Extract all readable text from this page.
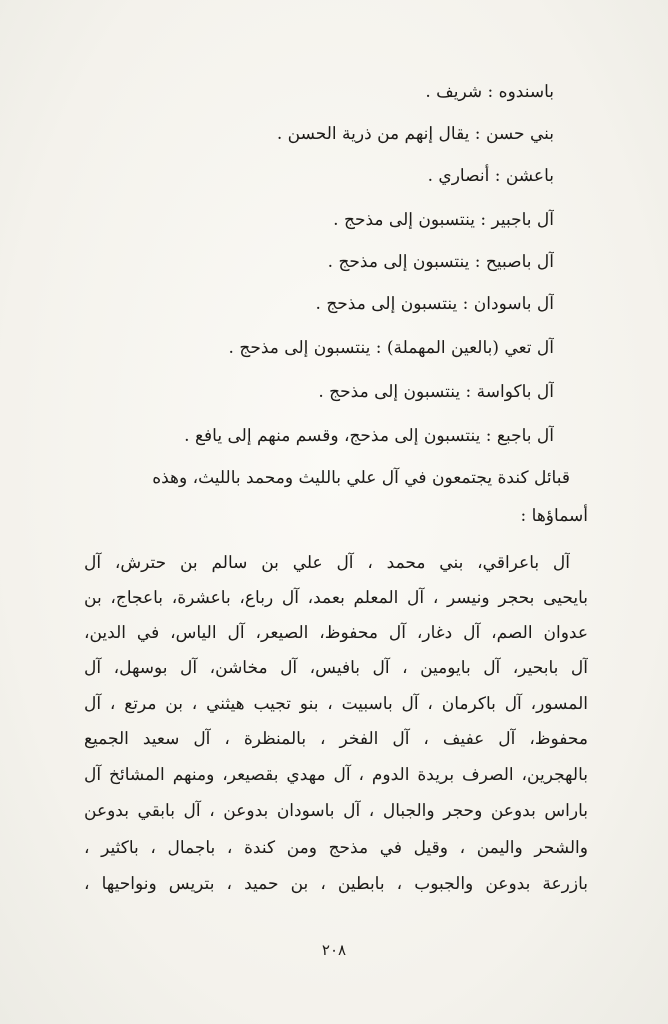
باسندوه : شريف .
بني حسن : يقال إنهم من ذرية الحسن .
باعشن : أنصاري .
آل باجبير : ينتسبون إلى مذحج .
آل باصبيح : ينتسبون إلى مذحج .
آل باسودان : ينتسبون إلى مذحج .
آل تعي (بالعين المهملة) : ينتسبون إلى مذحج .
آل باكواسة : ينتسبون إلى مذحج .
آل باجبع : ينتسبون إلى مذحج، وقسم منهم إلى يافع .
قبائل كندة يجتمعون في آل علي بالليث ومحمد بالليث، وهذه
أسماؤها :
آل باعراقي، بني محمد ، آل علي بن سالم بن حترش، آل
بايحيى بحجر ونيسر ، آل المعلم بعمد، آل رباع، باعشرة، باعجاج، بن
عدوان الصم، آل دغار، آل محفوظ، الصيعر، آل الياس، في الدين،
آل بابحير، آل بايومين ، آل بافيس، آل مخاشن، آل بوسهل، آل
المسور، آل باكرمان ، آل باسبيت ، بنو تجيب هيثني ، بن مرتع ، آل
محفوظ، آل عفيف ، آل الفخر ، بالمنظرة ، آل سعيد الجميع
بالهجرين، الصرف بريدة الدوم ، آل مهدي بقصيعر، ومنهم المشائخ آل
باراس بدوعن وحجر والجبال ، آل باسودان بدوعن ، آل بابقي بدوعن
والشحر واليمن ، وقيل في مذحج ومن كندة ، باجمال ، باكثير ،
بازرعة بدوعن والجبوب ، بابطين ، بن حميد ، بتريس ونواحيها ،
٢٠٨
